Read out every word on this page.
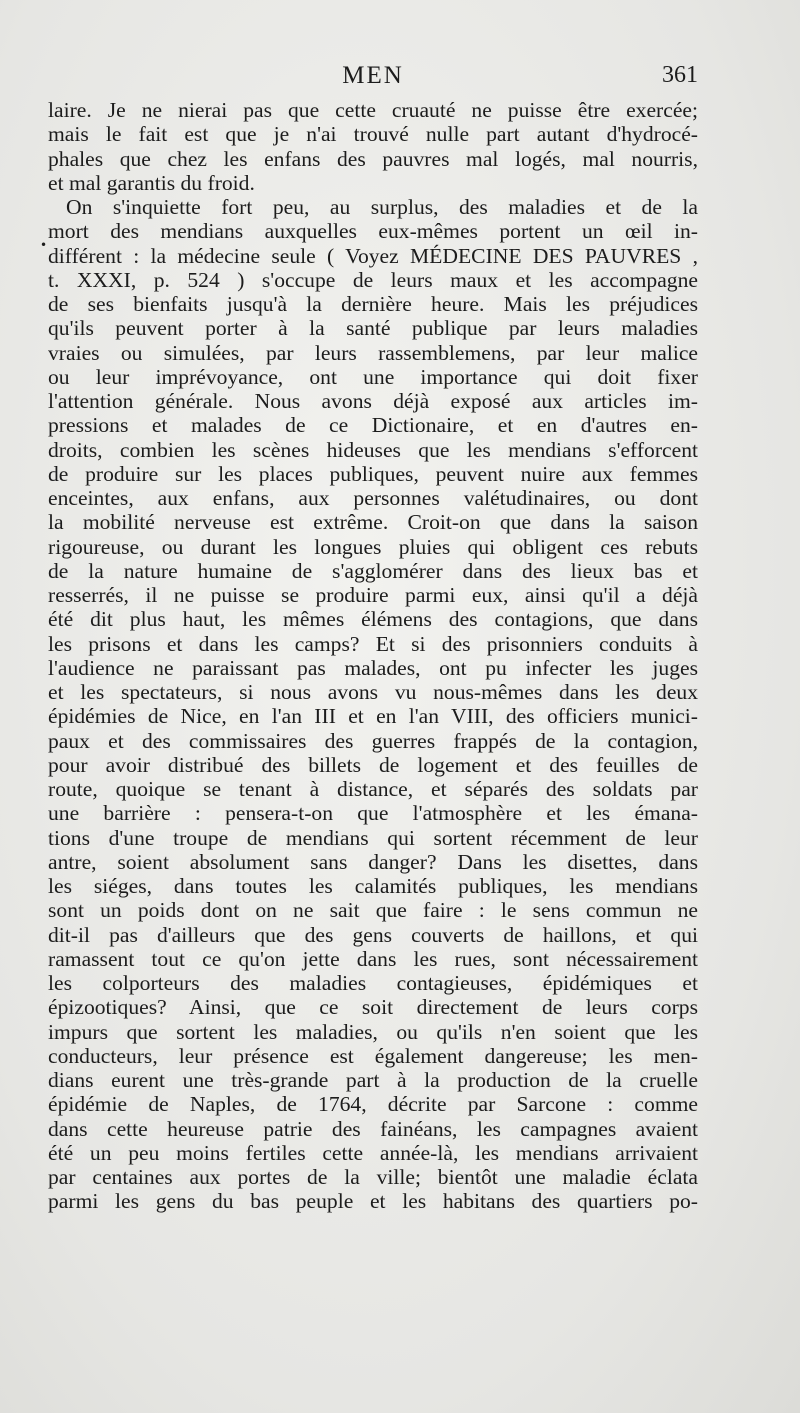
MEN	361
•
laire. Je ne nierai pas que cette cruauté ne puisse être exercée;
mais le fait est que je n'ai trouvé nulle part autant d'hydrocé-
phales que chez les enfans des pauvres mal logés, mal nourris,
et mal garantis du froid.
On s'inquiette fort peu, au surplus, des maladies et de la
mort des mendians auxquelles eux-mêmes portent un œil in-
différent : la médecine seule ( Voyez MÉDECINE DES PAUVRES ,
t. XXXI, p. 524 ) s'occupe de leurs maux et les accompagne
de ses bienfaits jusqu'à la dernière heure. Mais les préjudices
qu'ils peuvent porter à la santé publique par leurs maladies
vraies ou simulées, par leurs rassemblemens, par leur malice
ou leur imprévoyance, ont une importance qui doit fixer
l'attention générale. Nous avons déjà exposé aux articles im-
pressions et malades de ce Dictionaire, et en d'autres en-
droits, combien les scènes hideuses que les mendians s'efforcent
de produire sur les places publiques, peuvent nuire aux femmes
enceintes, aux enfans, aux personnes valétudinaires, ou dont
la mobilité nerveuse est extrême. Croit-on que dans la saison
rigoureuse, ou durant les longues pluies qui obligent ces rebuts
de la nature humaine de s'agglomérer dans des lieux bas et
resserrés, il ne puisse se produire parmi eux, ainsi qu'il a déjà
été dit plus haut, les mêmes élémens des contagions, que dans
les prisons et dans les camps? Et si des prisonniers conduits à
l'audience ne paraissant pas malades, ont pu infecter les juges
et les spectateurs, si nous avons vu nous-mêmes dans les deux
épidémies de Nice, en l'an III et en l'an VIII, des officiers munici-
paux et des commissaires des guerres frappés de la contagion,
pour avoir distribué des billets de logement et des feuilles de
route, quoique se tenant à distance, et séparés des soldats par
une barrière : pensera-t-on que l'atmosphère et les émana-
tions d'une troupe de mendians qui sortent récemment de leur
antre, soient absolument sans danger? Dans les disettes, dans
les siéges, dans toutes les calamités publiques, les mendians
sont un poids dont on ne sait que faire : le sens commun ne
dit-il pas d'ailleurs que des gens couverts de haillons, et qui
ramassent tout ce qu'on jette dans les rues, sont nécessairement
les colporteurs des maladies contagieuses, épidémiques et
épizootiques? Ainsi, que ce soit directement de leurs corps
impurs que sortent les maladies, ou qu'ils n'en soient que les
conducteurs, leur présence est également dangereuse; les men-
dians eurent une très-grande part à la production de la cruelle
épidémie de Naples, de 1764, décrite par Sarcone : comme
dans cette heureuse patrie des fainéans, les campagnes avaient
été un peu moins fertiles cette année-là, les mendians arrivaient
par centaines aux portes de la ville; bientôt une maladie éclata
parmi les gens du bas peuple et les habitans des quartiers po-
